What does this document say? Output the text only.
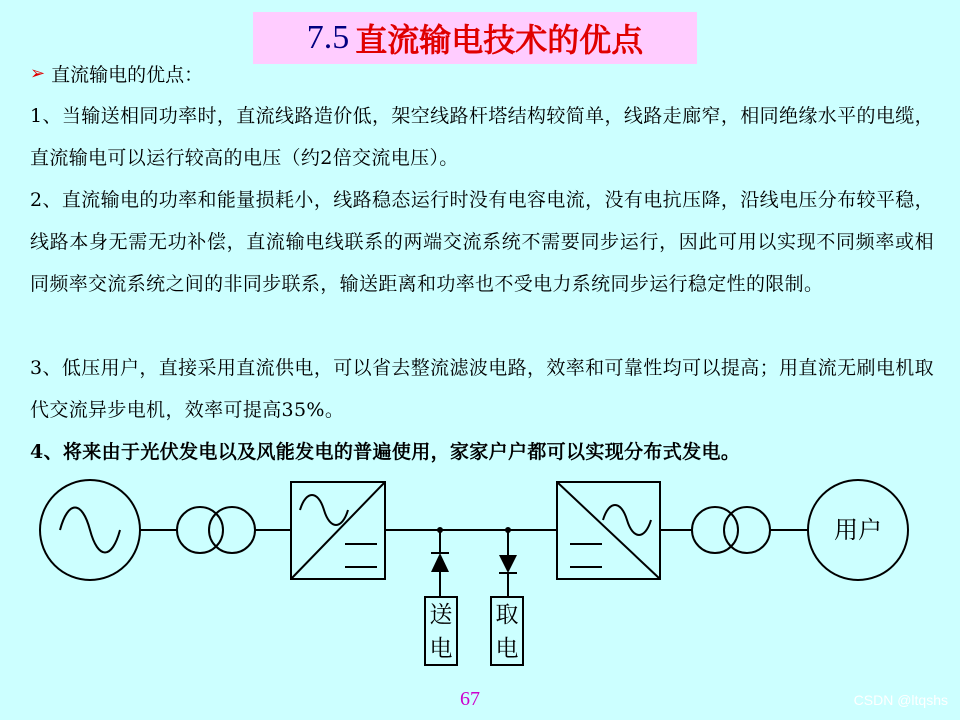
7.5 直流输电技术的优点
➢ 直流输电的优点：
1、当输送相同功率时，直流线路造价低，架空线路杆塔结构较简单，线路走廊窄，相同绝缘水平的电缆，直流输电可以运行较高的电压（约2倍交流电压）。
2、直流输电的功率和能量损耗小，线路稳态运行时没有电容电流，没有电抗压降，沿线电压分布较平稳，线路本身无需无功补偿，直流输电线联系的两端交流系统不需要同步运行，因此可用以实现不同频率或相同频率交流系统之间的非同步联系，输送距离和功率也不受电力系统同步运行稳定性的限制。
3、低压用户，直接采用直流供电，可以省去整流滤波电路，效率和可靠性均可以提高；用直流无刷电机取代交流异步电机，效率可提高35%。
4、将来由于光伏发电以及风能发电的普遍使用，家家户户都可以实现分布式发电。
送
电
取
电
用户
67	CSDN @ltqshs
